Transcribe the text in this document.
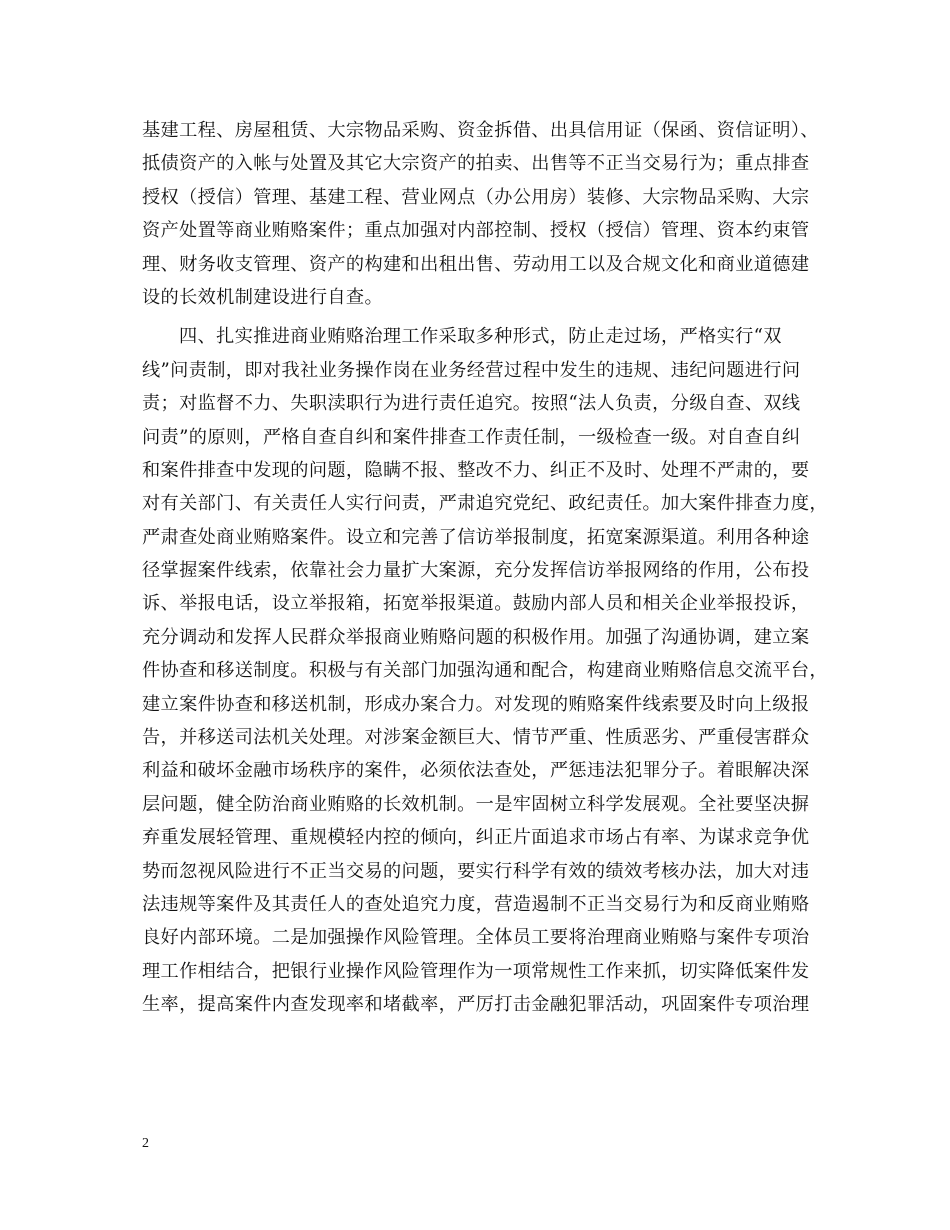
基建工程、房屋租赁、大宗物品采购、资金拆借、出具信用证（保函、资信证明）、
抵债资产的入帐与处置及其它大宗资产的拍卖、出售等不正当交易行为；重点排查
授权（授信）管理、基建工程、营业网点（办公用房）装修、大宗物品采购、大宗
资产处置等商业贿赂案件；重点加强对内部控制、授权（授信）管理、资本约束管
理、财务收支管理、资产的构建和出租出售、劳动用工以及合规文化和商业道德建
设的长效机制建设进行自查。
四、扎实推进商业贿赂治理工作采取多种形式，防止走过场，严格实行“双
线”问责制，即对我社业务操作岗在业务经营过程中发生的违规、违纪问题进行问
责；对监督不力、失职渎职行为进行责任追究。按照“法人负责，分级自查、双线
问责”的原则，严格自查自纠和案件排查工作责任制，一级检查一级。对自查自纠
和案件排查中发现的问题，隐瞒不报、整改不力、纠正不及时、处理不严肃的，要
对有关部门、有关责任人实行问责，严肃追究党纪、政纪责任。加大案件排查力度，
严肃查处商业贿赂案件。设立和完善了信访举报制度，拓宽案源渠道。利用各种途
径掌握案件线索，依靠社会力量扩大案源，充分发挥信访举报网络的作用，公布投
诉、举报电话，设立举报箱，拓宽举报渠道。鼓励内部人员和相关企业举报投诉，
充分调动和发挥人民群众举报商业贿赂问题的积极作用。加强了沟通协调，建立案
件协查和移送制度。积极与有关部门加强沟通和配合，构建商业贿赂信息交流平台，
建立案件协查和移送机制，形成办案合力。对发现的贿赂案件线索要及时向上级报
告，并移送司法机关处理。对涉案金额巨大、情节严重、性质恶劣、严重侵害群众
利益和破坏金融市场秩序的案件，必须依法查处，严惩违法犯罪分子。着眼解决深
层问题，健全防治商业贿赂的长效机制。一是牢固树立科学发展观。全社要坚决摒
弃重发展轻管理、重规模轻内控的倾向，纠正片面追求市场占有率、为谋求竞争优
势而忽视风险进行不正当交易的问题，要实行科学有效的绩效考核办法，加大对违
法违规等案件及其责任人的查处追究力度，营造遏制不正当交易行为和反商业贿赂
良好内部环境。二是加强操作风险管理。全体员工要将治理商业贿赂与案件专项治
理工作相结合，把银行业操作风险管理作为一项常规性工作来抓，切实降低案件发
生率，提高案件内查发现率和堵截率，严厉打击金融犯罪活动，巩固案件专项治理
2
